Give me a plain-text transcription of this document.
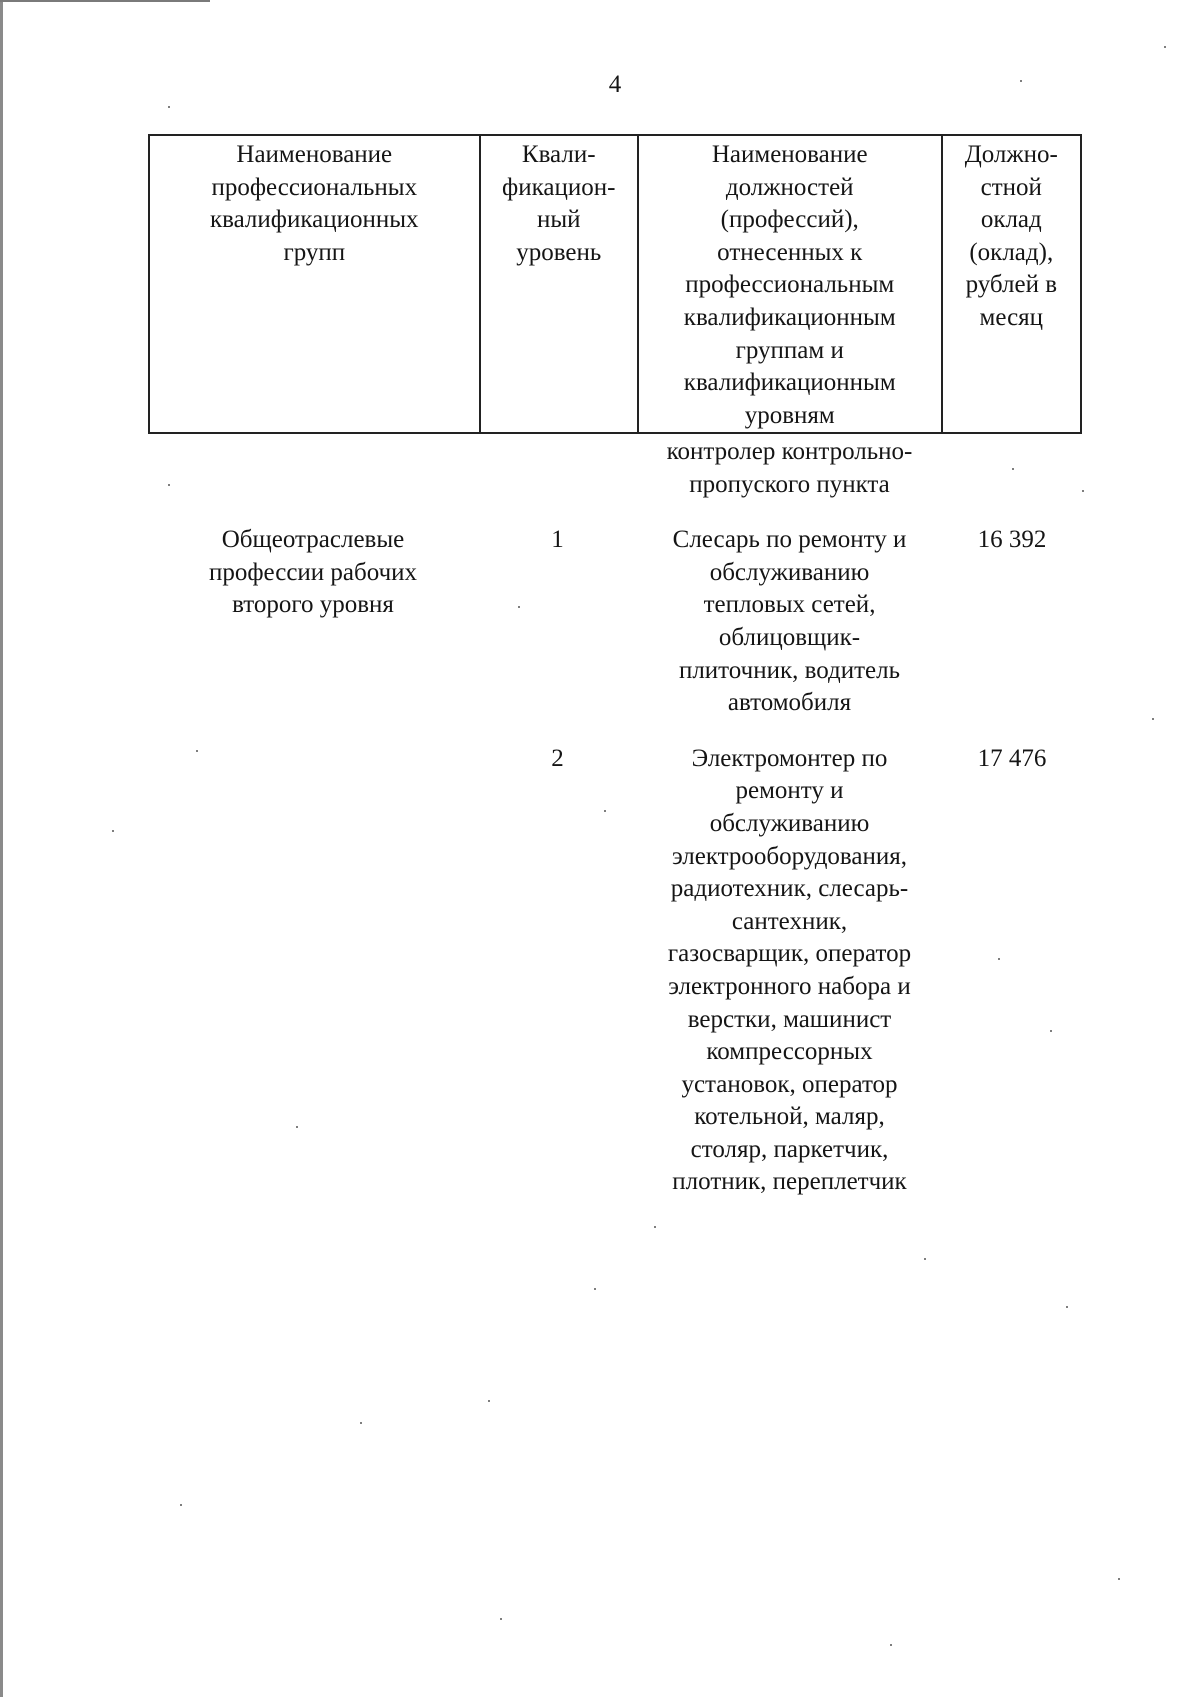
4
Наименование
профессиональных
квалификационных
групп
Квали-
фикацион-
ный
уровень
Наименование
должностей
(профессий),
отнесенных к
профессиональным
квалификационным
группам и
квалификационным
уровням
Должно-
стной
оклад
(оклад),
рублей в
месяц
контролер контрольно-
пропуского пункта
Общеотраслевые
профессии рабочих
второго уровня
1	Слесарь по ремонту и
обслуживанию
тепловых сетей,
облицовщик-
плиточник, водитель
автомобиля
16 392
2	Электромонтер по
ремонту и
обслуживанию
электрооборудования,
радиотехник, слесарь-
сантехник,
газосварщик, оператор
электронного набора и
верстки, машинист
компрессорных
установок, оператор
котельной, маляр,
столяр, паркетчик,
плотник, переплетчик
17 476
